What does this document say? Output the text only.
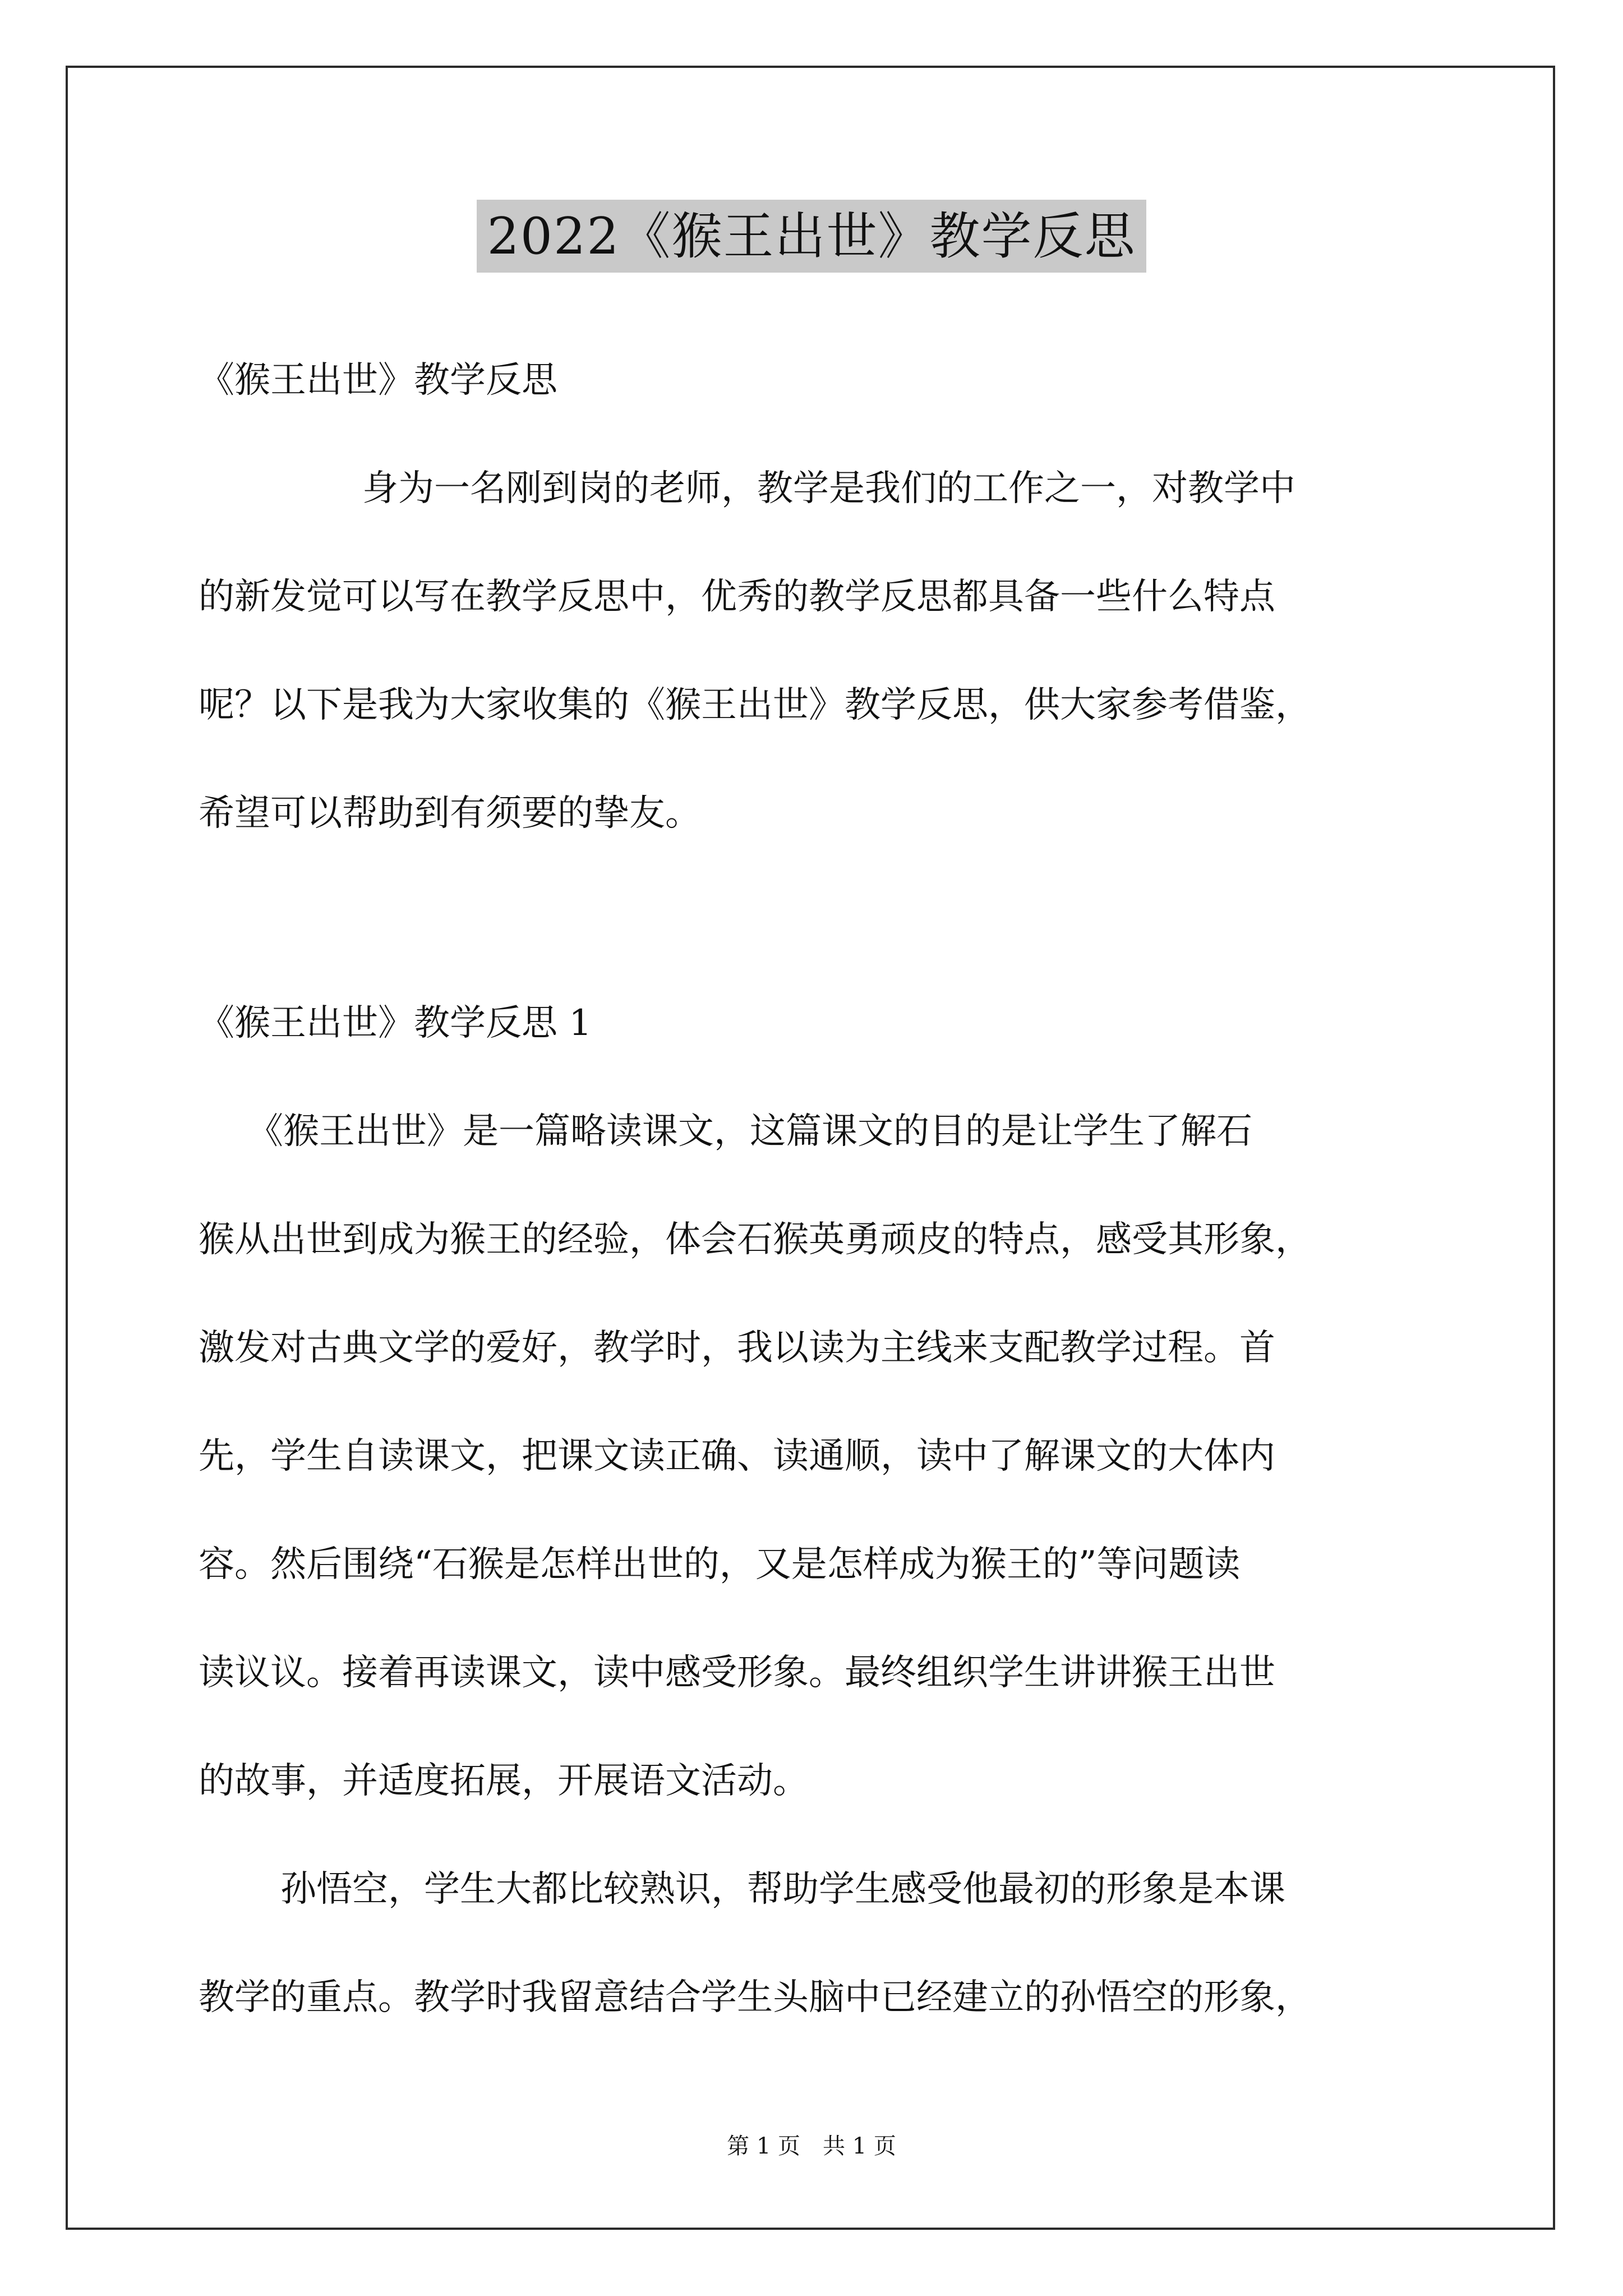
2022《猴王出世》教学反思

《猴王出世》教学反思

身为一名刚到岗的老师，教学是我们的工作之一，对教学中

的新发觉可以写在教学反思中，优秀的教学反思都具备一些什么特点

呢？以下是我为大家收集的《猴王出世》教学反思，供大家参考借鉴，

希望可以帮助到有须要的挚友。

《猴王出世》教学反思 1

《猴王出世》是一篇略读课文，这篇课文的目的是让学生了解石

猴从出世到成为猴王的经验，体会石猴英勇顽皮的特点，感受其形象，

激发对古典文学的爱好，教学时，我以读为主线来支配教学过程。首

先，学生自读课文，把课文读正确、读通顺，读中了解课文的大体内

容。然后围绕“石猴是怎样出世的，又是怎样成为猴王的”等问题读

读议议。接着再读课文，读中感受形象。最终组织学生讲讲猴王出世

的故事，并适度拓展，开展语文活动。

孙悟空，学生大都比较熟识，帮助学生感受他最初的形象是本课

教学的重点。教学时我留意结合学生头脑中已经建立的孙悟空的形象，

第 1 页　共 1 页
